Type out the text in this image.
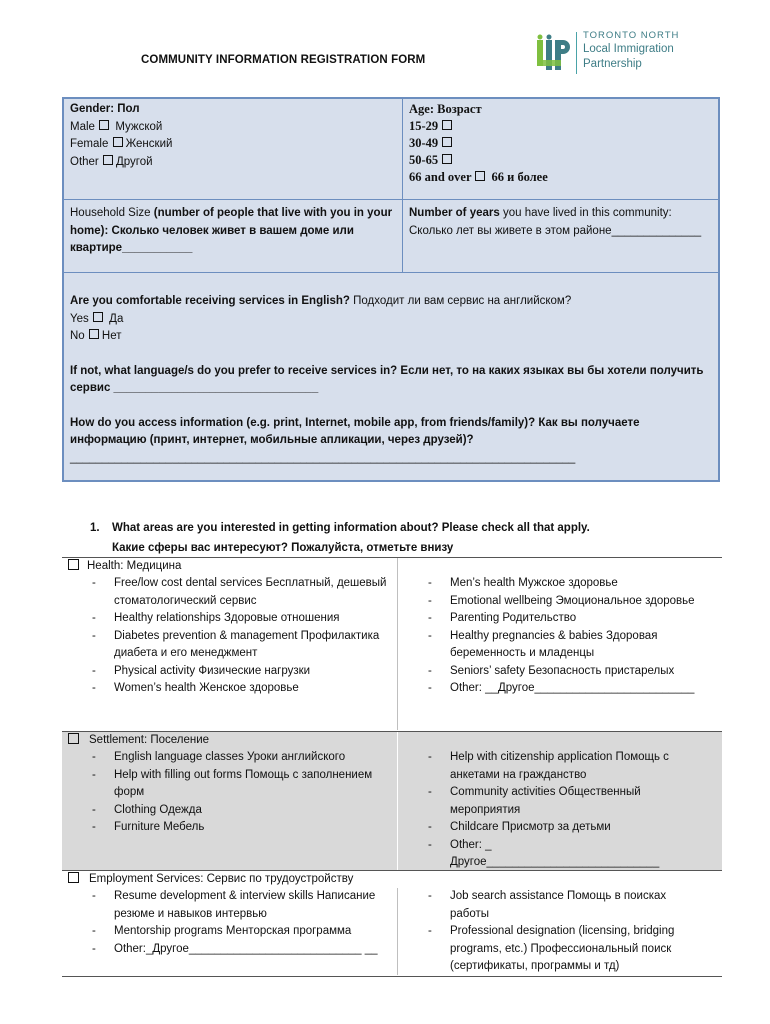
COMMUNITY INFORMATION REGISTRATION FORM
TORONTO NORTH
Local Immigration
Partnership
Gender: Пол
Male Мужской
Female Женский
Other Другой
Age: Возраст
15-29
30-49
50-65
66 and over 66 и более
Household Size (number of people that live with you in your home): Сколько человек живет в вашем доме или квартире___________
Number of years you have lived in this community:
Сколько лет вы живете в этом районе______________
Are you comfortable receiving services in English? Подходит ли вам сервис на английском?
Yes Да
No Нет
If not, what language/s do you prefer to receive services in? Если нет, то на каких языках вы бы хотели получить сервис ________________________________
How do you access information (e.g. print, Internet, mobile app, from friends/family)? Как вы получаете информацию (принт, интернет, мобильные апликации, через друзей)?
_______________________________________________________________________________
1. What areas are you interested in getting information about? Please check all that apply.
Какие сферы вас интересуют? Пожалуйста, отметьте внизу
Health: Медицина
- Free/low cost dental services Бесплатный, дешевый стоматологический сервис
- Healthy relationships Здоровые отношения
- Diabetes prevention & management Профилактика диабета и его менеджмент
- Physical activity Физические нагрузки
- Women’s health Женское здоровье
- Men’s health Мужское здоровье
- Emotional wellbeing Эмоциональное здоровье
- Parenting Родительство
- Healthy pregnancies & babies Здоровая беременность и младенцы
- Seniors’ safety Безопасность пристарелых
- Other: __Другое_________________________
Settlement: Поселение
- English language classes Уроки английского
- Help with filling out forms Помощь с заполнением форм
- Clothing Одежда
- Furniture Мебель
- Help with citizenship application Помощь с анкетами на гражданство
- Community activities Общественный мероприятия
- Childcare Присмотр за детьми
- Other: _ Другое___________________________
Employment Services: Сервис по трудоустройству
- Resume development & interview skills Написание резюме и навыков интервью
- Mentorship programs Менторская программа
- Other:_Другое___________________________ __
- Job search assistance Помощь в поисках работы
- Professional designation (licensing, bridging programs, etc.) Профессиональный поиск (сертификаты, программы и тд)
